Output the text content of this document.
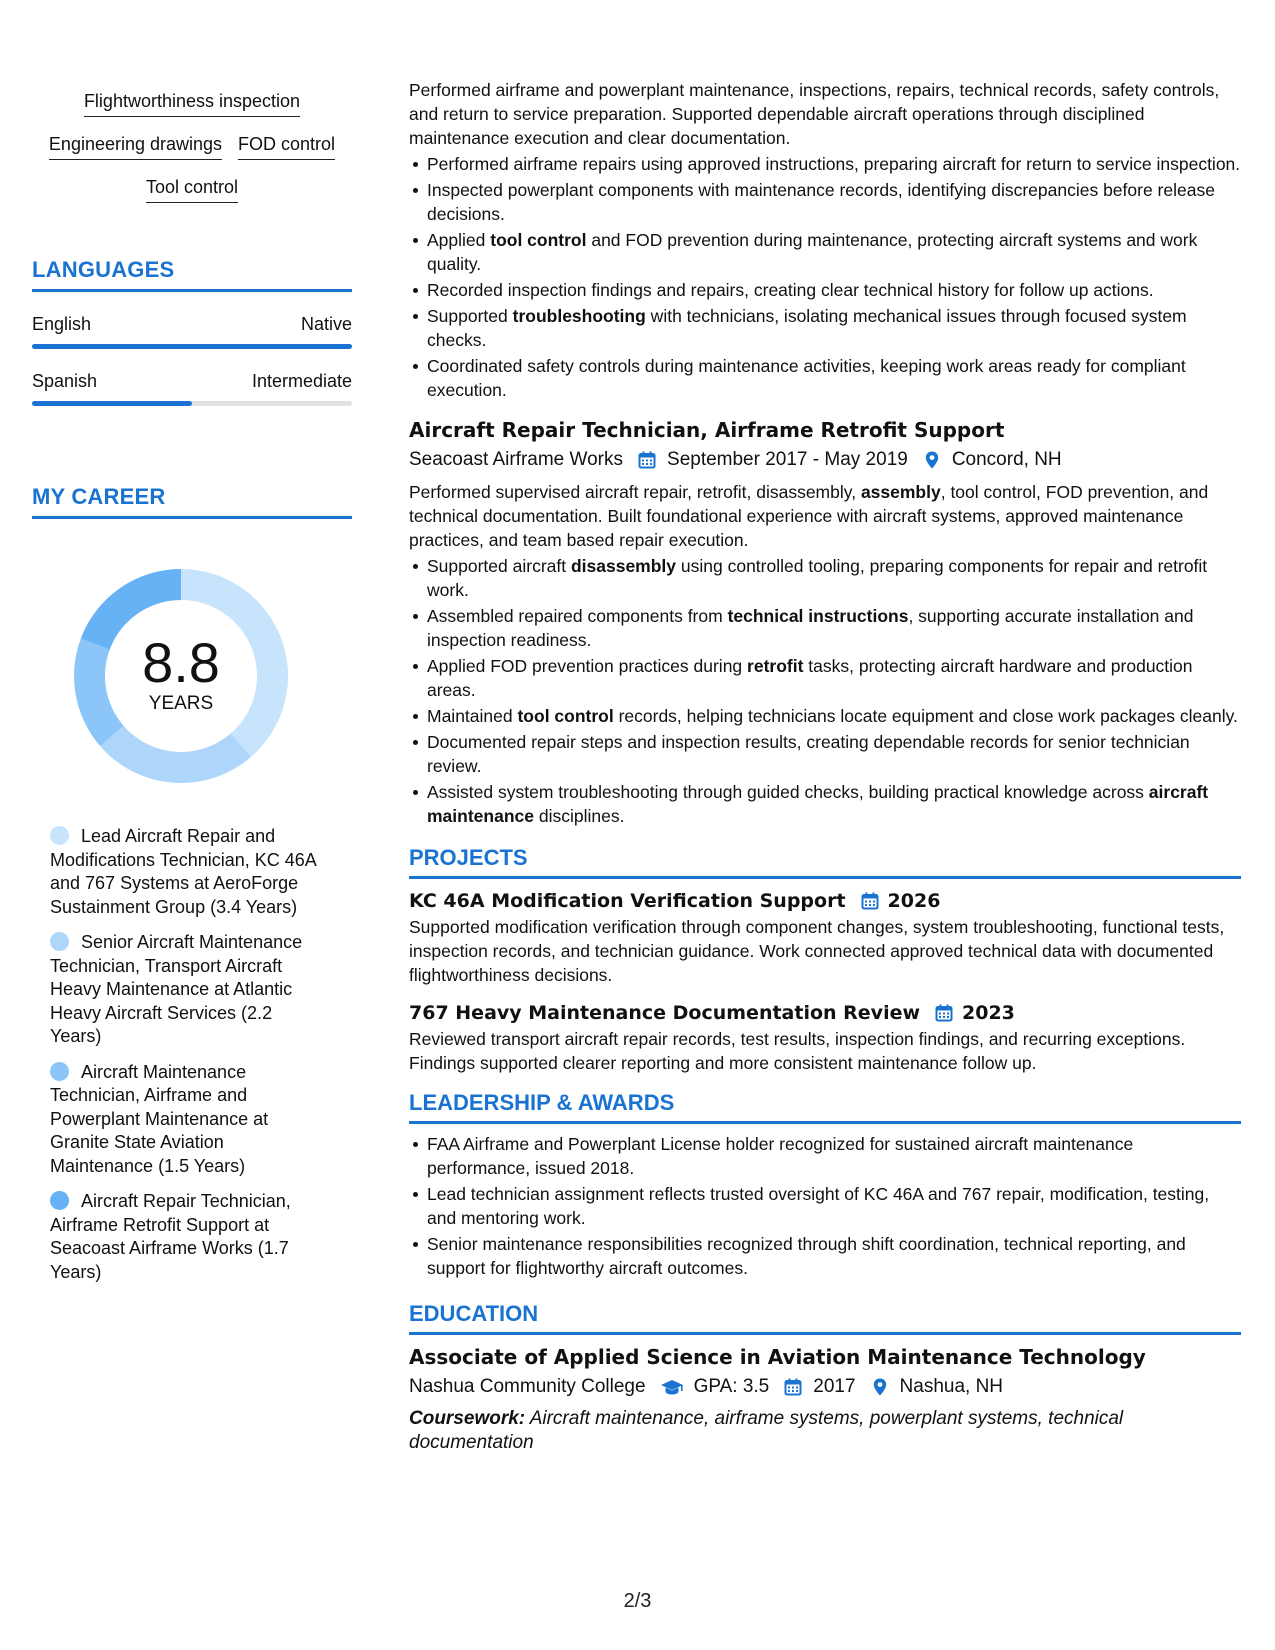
Flightworthiness inspection
Engineering drawings FOD control
Tool control
LANGUAGES
English	Native
Spanish	Intermediate
MY CAREER
8.8
YEARS
Lead Aircraft Repair and Modifications Technician, KC 46A and 767 Systems at AeroForge Sustainment Group (3.4 Years)
Senior Aircraft Maintenance Technician, Transport Aircraft Heavy Maintenance at Atlantic Heavy Aircraft Services (2.2 Years)
Aircraft Maintenance Technician, Airframe and Powerplant Maintenance at Granite State Aviation Maintenance (1.5 Years)
Aircraft Repair Technician, Airframe Retrofit Support at Seacoast Airframe Works (1.7 Years)

Performed airframe and powerplant maintenance, inspections, repairs, technical records, safety controls, and return to service preparation. Supported dependable aircraft operations through disciplined maintenance execution and clear documentation.

Performed airframe repairs using approved instructions, preparing aircraft for return to service inspection.
Inspected powerplant components with maintenance records, identifying discrepancies before release decisions.
Applied tool control and FOD prevention during maintenance, protecting aircraft systems and work quality.
Recorded inspection findings and repairs, creating clear technical history for follow up actions.
Supported troubleshooting with technicians, isolating mechanical issues through focused system checks.
Coordinated safety controls during maintenance activities, keeping work areas ready for compliant execution.
Aircraft Repair Technician, Airframe Retrofit Support
Seacoast Airframe Works September 2017 - May 2019 Concord, NH

Performed supervised aircraft repair, retrofit, disassembly, assembly, tool control, FOD prevention, and technical documentation. Built foundational experience with aircraft systems, approved maintenance practices, and team based repair execution.

Supported aircraft disassembly using controlled tooling, preparing components for repair and retrofit work.
Assembled repaired components from technical instructions, supporting accurate installation and inspection readiness.
Applied FOD prevention practices during retrofit tasks, protecting aircraft hardware and production areas.
Maintained tool control records, helping technicians locate equipment and close work packages cleanly.
Documented repair steps and inspection results, creating dependable records for senior technician review.
Assisted system troubleshooting through guided checks, building practical knowledge across aircraft maintenance disciplines.
PROJECTS
KC 46A Modification Verification Support 2026

Supported modification verification through component changes, system troubleshooting, functional tests, inspection records, and technician guidance. Work connected approved technical data with documented flightworthiness decisions.

767 Heavy Maintenance Documentation Review 2023

Reviewed transport aircraft repair records, test results, inspection findings, and recurring exceptions. Findings supported clearer reporting and more consistent maintenance follow up.

LEADERSHIP & AWARDS
FAA Airframe and Powerplant License holder recognized for sustained aircraft maintenance performance, issued 2018.
Lead technician assignment reflects trusted oversight of KC 46A and 767 repair, modification, testing, and mentoring work.
Senior maintenance responsibilities recognized through shift coordination, technical reporting, and support for flightworthy aircraft outcomes.
EDUCATION
Associate of Applied Science in Aviation Maintenance Technology
Nashua Community College	GPA: 3.5 2017 Nashua, NH

Coursework: Aircraft maintenance, airframe systems, powerplant systems, technical documentation

2/3
